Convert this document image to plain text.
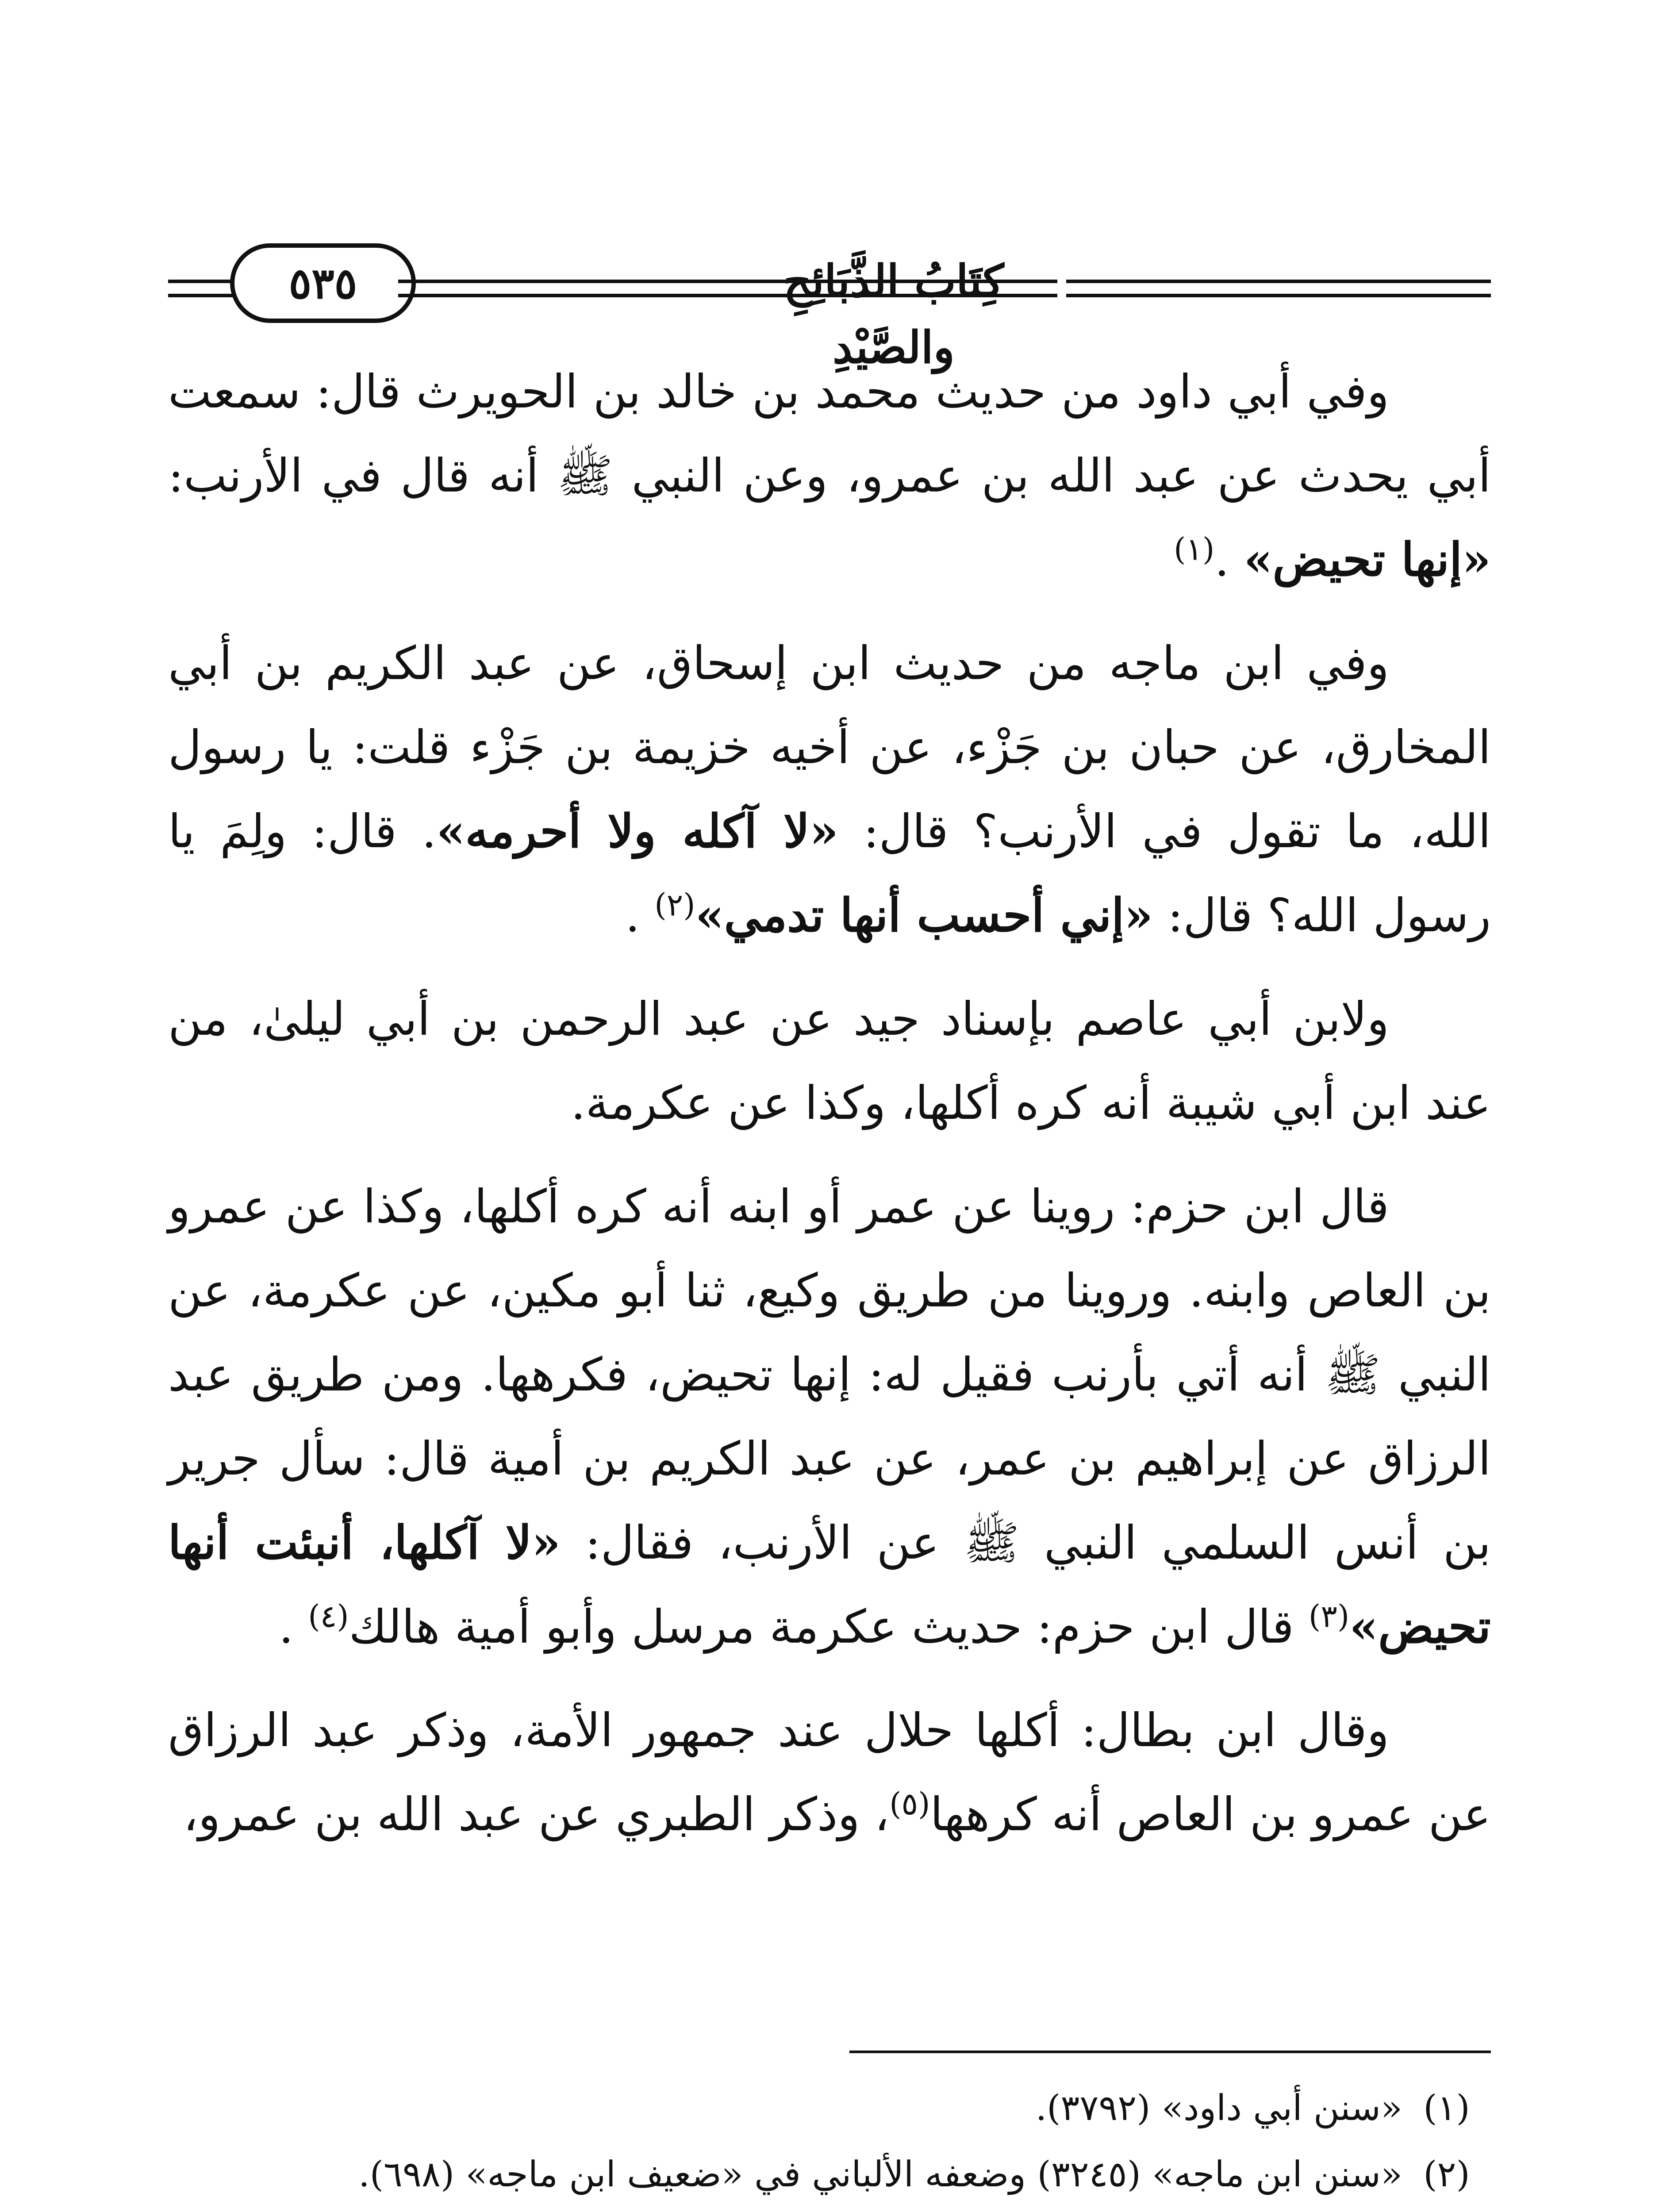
كِتَابُ الذَّبَائِحِ والصَّيْدِ
٥٣٥

وفي أبي داود من حديث محمد بن خالد بن الحويرث قال: سمعت أبي يحدث عن عبد الله بن عمرو، وعن النبي ﷺ أنه قال في الأرنب: «إنها تحيض» .$^{(١)}$

وفي ابن ماجه من حديث ابن إسحاق، عن عبد الكريم بن أبي المخارق، عن حبان بن جَزْء، عن أخيه خزيمة بن جَزْء قلت: يا رسول الله، ما تقول في الأرنب؟ قال: «لا آكله ولا أحرمه». قال: ولِمَ يا رسول الله؟ قال: «إني أحسب أنها تدمي»$^{(٢)}$ .

ولابن أبي عاصم بإسناد جيد عن عبد الرحمن بن أبي ليلىٰ، من عند ابن أبي شيبة أنه كره أكلها، وكذا عن عكرمة.

قال ابن حزم: روينا عن عمر أو ابنه أنه كره أكلها، وكذا عن عمرو بن العاص وابنه. وروينا من طريق وكيع، ثنا أبو مكين، عن عكرمة، عن النبي ﷺ أنه أتي بأرنب فقيل له: إنها تحيض، فكرهها. ومن طريق عبد الرزاق عن إبراهيم بن عمر، عن عبد الكريم بن أمية قال: سأل جرير بن أنس السلمي النبي ﷺ عن الأرنب، فقال: «لا آكلها، أنبئت أنها تحيض»$^{(٣)}$ قال ابن حزم: حديث عكرمة مرسل وأبو أمية هالك$^{(٤)}$ .

وقال ابن بطال: أكلها حلال عند جمهور الأمة، وذكر عبد الرزاق عن عمرو بن العاص أنه كرهها$^{(٥)}$، وذكر الطبري عن عبد الله بن عمرو،

(١)
«سنن أبي داود» (٣٧٩٢).
(٢)
«سنن ابن ماجه» (٣٢٤٥) وضعفه الألباني في «ضعيف ابن ماجه» (٦٩٨).
